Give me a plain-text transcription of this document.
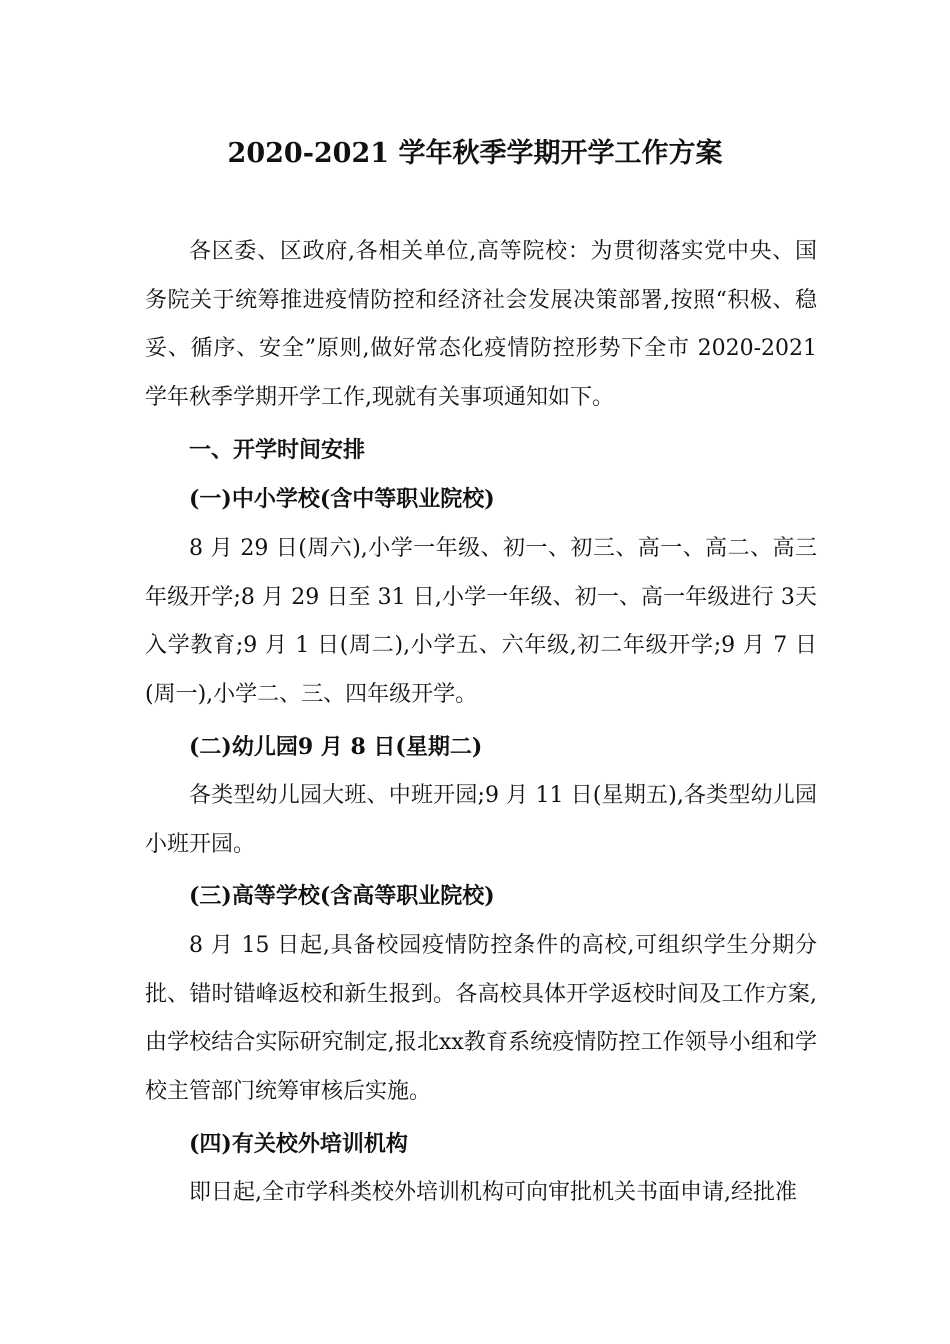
2020-2021 学年秋季学期开学工作方案

各区委、区政府,各相关单位,高等院校：为贯彻落实党中央、国务院关于统筹推进疫情防控和经济社会发展决策部署,按照“积极、稳妥、循序、安全”原则,做好常态化疫情防控形势下全市 2020-2021 学年秋季学期开学工作,现就有关事项通知如下。

一、开学时间安排

(一)中小学校(含中等职业院校)

8 月 29 日(周六),小学一年级、初一、初三、高一、高二、高三年级开学;8 月 29 日至 31 日,小学一年级、初一、高一年级进行 3天入学教育;9 月 1 日(周二),小学五、六年级,初二年级开学;9 月 7 日(周一),小学二、三、四年级开学。

(二)幼儿园9 月 8 日(星期二)

各类型幼儿园大班、中班开园;9 月 11 日(星期五),各类型幼儿园小班开园。

(三)高等学校(含高等职业院校)

8 月 15 日起,具备校园疫情防控条件的高校,可组织学生分期分批、错时错峰返校和新生报到。各高校具体开学返校时间及工作方案,由学校结合实际研究制定,报北xx教育系统疫情防控工作领导小组和学校主管部门统筹审核后实施。

(四)有关校外培训机构

即日起,全市学科类校外培训机构可向审批机关书面申请,经批准
